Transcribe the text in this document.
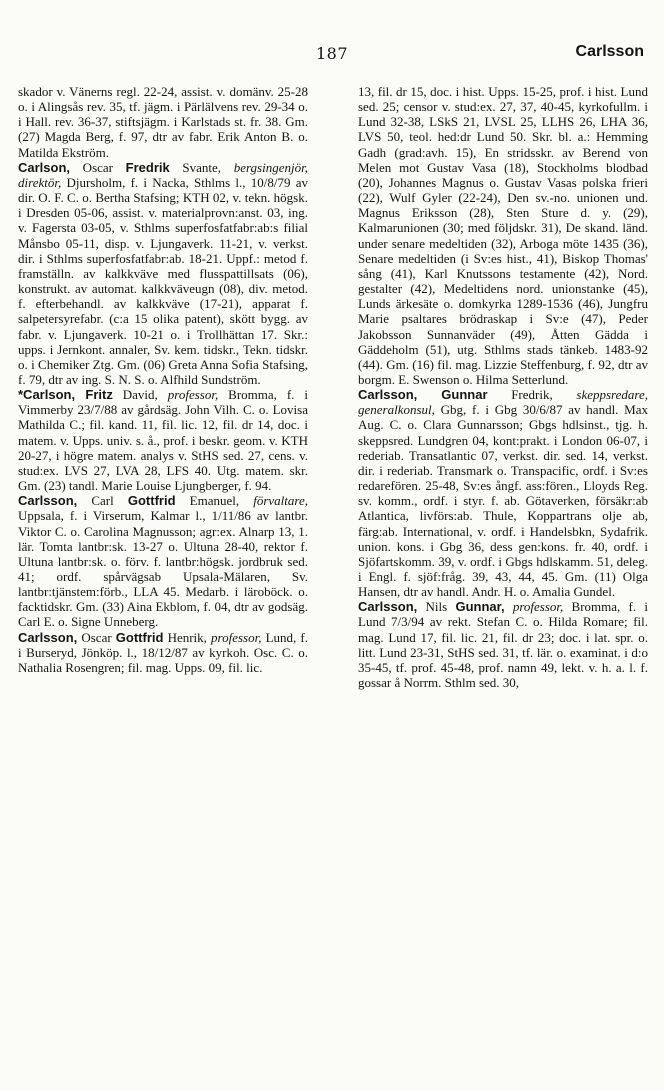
187	Carlsson

skador v. Vänerns regl. 22-24, assist. v. domänv. 25-28 o. i Alingsås rev. 35, tf. jägm. i Pärlälvens rev. 29-34 o. i Hall. rev. 36-37, stiftsjägm. i Karlstads st. fr. 38. Gm. (27) Magda Berg, f. 97, dtr av fabr. Erik Anton B. o. Matilda Ekström.

Carlson, Oscar Fredrik Svante, bergsingenjör, direktör, Djursholm, f. i Nacka, Sthlms l., 10/8/79 av dir. O. F. C. o. Bertha Stafsing; KTH 02, v. tekn. högsk. i Dresden 05-06, assist. v. materialprovn:anst. 03, ing. v. Fagersta 03-05, v. Sthlms superfosfatfabr:ab:s filial Månsbo 05-11, disp. v. Ljungaverk. 11-21, v. verkst. dir. i Sthlms superfosfatfabr:ab. 18-21. Uppf.: metod f. framställn. av kalkkväve med flusspattillsats (06), konstrukt. av automat. kalkkväveugn (08), div. metod. f. efterbehandl. av kalkkväve (17-21), apparat f. salpetersyrefabr. (c:a 15 olika patent), skött bygg. av fabr. v. Ljungaverk. 10-21 o. i Trollhättan 17. Skr.: upps. i Jernkont. annaler, Sv. kem. tidskr., Tekn. tidskr. o. i Chemiker Ztg. Gm. (06) Greta Anna Sofia Stafsing, f. 79, dtr av ing. S. N. S. o. Alfhild Sundström.

*Carlson, Fritz David, professor, Bromma, f. i Vimmerby 23/7/88 av gårdsäg. John Vilh. C. o. Lovisa Mathilda C.; fil. kand. 11, fil. lic. 12, fil. dr 14, doc. i matem. v. Upps. univ. s. å., prof. i beskr. geom. v. KTH 20-27, i högre matem. analys v. StHS sed. 27, cens. v. stud:ex. LVS 27, LVA 28, LFS 40. Utg. matem. skr. Gm. (23) tandl. Marie Louise Ljungberger, f. 94.

Carlsson, Carl Gottfrid Emanuel, förvaltare, Uppsala, f. i Virserum, Kalmar l., 1/11/86 av lantbr. Viktor C. o. Carolina Magnusson; agr:ex. Alnarp 13, 1. lär. Tomta lantbr:sk. 13-27 o. Ultuna 28-40, rektor f. Ultuna lantbr:sk. o. förv. f. lantbr:högsk. jordbruk sed. 41; ordf. spårvägsab Upsala-Mälaren, Sv. lantbr:tjänstem:förb., LLA 45. Medarb. i läroböck. o. facktidskr. Gm. (33) Aina Ekblom, f. 04, dtr av godsäg. Carl E. o. Signe Unneberg.

Carlsson, Oscar Gottfrid Henrik, professor, Lund, f. i Burseryd, Jönköp. l., 18/12/87 av kyrkoh. Osc. C. o. Nathalia Rosengren; fil. mag. Upps. 09, fil. lic.

13, fil. dr 15, doc. i hist. Upps. 15-25, prof. i hist. Lund sed. 25; censor v. stud:ex. 27, 37, 40-45, kyrkofullm. i Lund 32-38, LSkS 21, LVSL 25, LLHS 26, LHA 36, LVS 50, teol. hed:dr Lund 50. Skr. bl. a.: Hemming Gadh (grad:avh. 15), En stridsskr. av Berend von Melen mot Gustav Vasa (18), Stockholms blodbad (20), Johannes Magnus o. Gustav Vasas polska frieri (22), Wulf Gyler (22-24), Den sv.-no. unionen und. Magnus Eriksson (28), Sten Sture d. y. (29), Kalmarunionen (30; med följdskr. 31), De skand. länd. under senare medeltiden (32), Arboga möte 1435 (36), Senare medeltiden (i Sv:es hist., 41), Biskop Thomas' sång (41), Karl Knutssons testamente (42), Nord. gestalter (42), Medeltidens nord. unionstanke (45), Lunds ärkesäte o. domkyrka 1289-1536 (46), Jungfru Marie psaltares brödraskap i Sv:e (47), Peder Jakobsson Sunnanväder (49), Åtten Gädda i Gäddeholm (51), utg. Sthlms stads tänkeb. 1483-92 (44). Gm. (16) fil. mag. Lizzie Steffenburg, f. 92, dtr av borgm. E. Swenson o. Hilma Setterlund.

Carlsson, Gunnar Fredrik, skeppsredare, generalkonsul, Gbg, f. i Gbg 30/6/87 av handl. Max Aug. C. o. Clara Gunnarsson; Gbgs hdlsinst., tjg. h. skeppsred. Lundgren 04, kont:prakt. i London 06-07, i rederiab. Transatlantic 07, verkst. dir. sed. 14, verkst. dir. i rederiab. Transmark o. Transpacific, ordf. i Sv:es redarefören. 25-48, Sv:es ångf. ass:fören., Lloyds Reg. sv. komm., ordf. i styr. f. ab. Götaverken, försäkr:ab Atlantica, livförs:ab. Thule, Koppartrans olje ab, färg:ab. International, v. ordf. i Handelsbkn, Sydafrik. union. kons. i Gbg 36, dess gen:kons. fr. 40, ordf. i Sjöfartskomm. 39, v. ordf. i Gbgs hdlskamm. 51, deleg. i Engl. f. sjöf:fråg. 39, 43, 44, 45. Gm. (11) Olga Hansen, dtr av handl. Andr. H. o. Amalia Gundel.

Carlsson, Nils Gunnar, professor, Bromma, f. i Lund 7/3/94 av rekt. Stefan C. o. Hilda Romare; fil. mag. Lund 17, fil. lic. 21, fil. dr 23; doc. i lat. spr. o. litt. Lund 23-31, StHS sed. 31, tf. lär. o. examinat. i d:o 35-45, tf. prof. 45-48, prof. namn 49, lekt. v. h. a. l. f. gossar å Norrm. Sthlm sed. 30,
